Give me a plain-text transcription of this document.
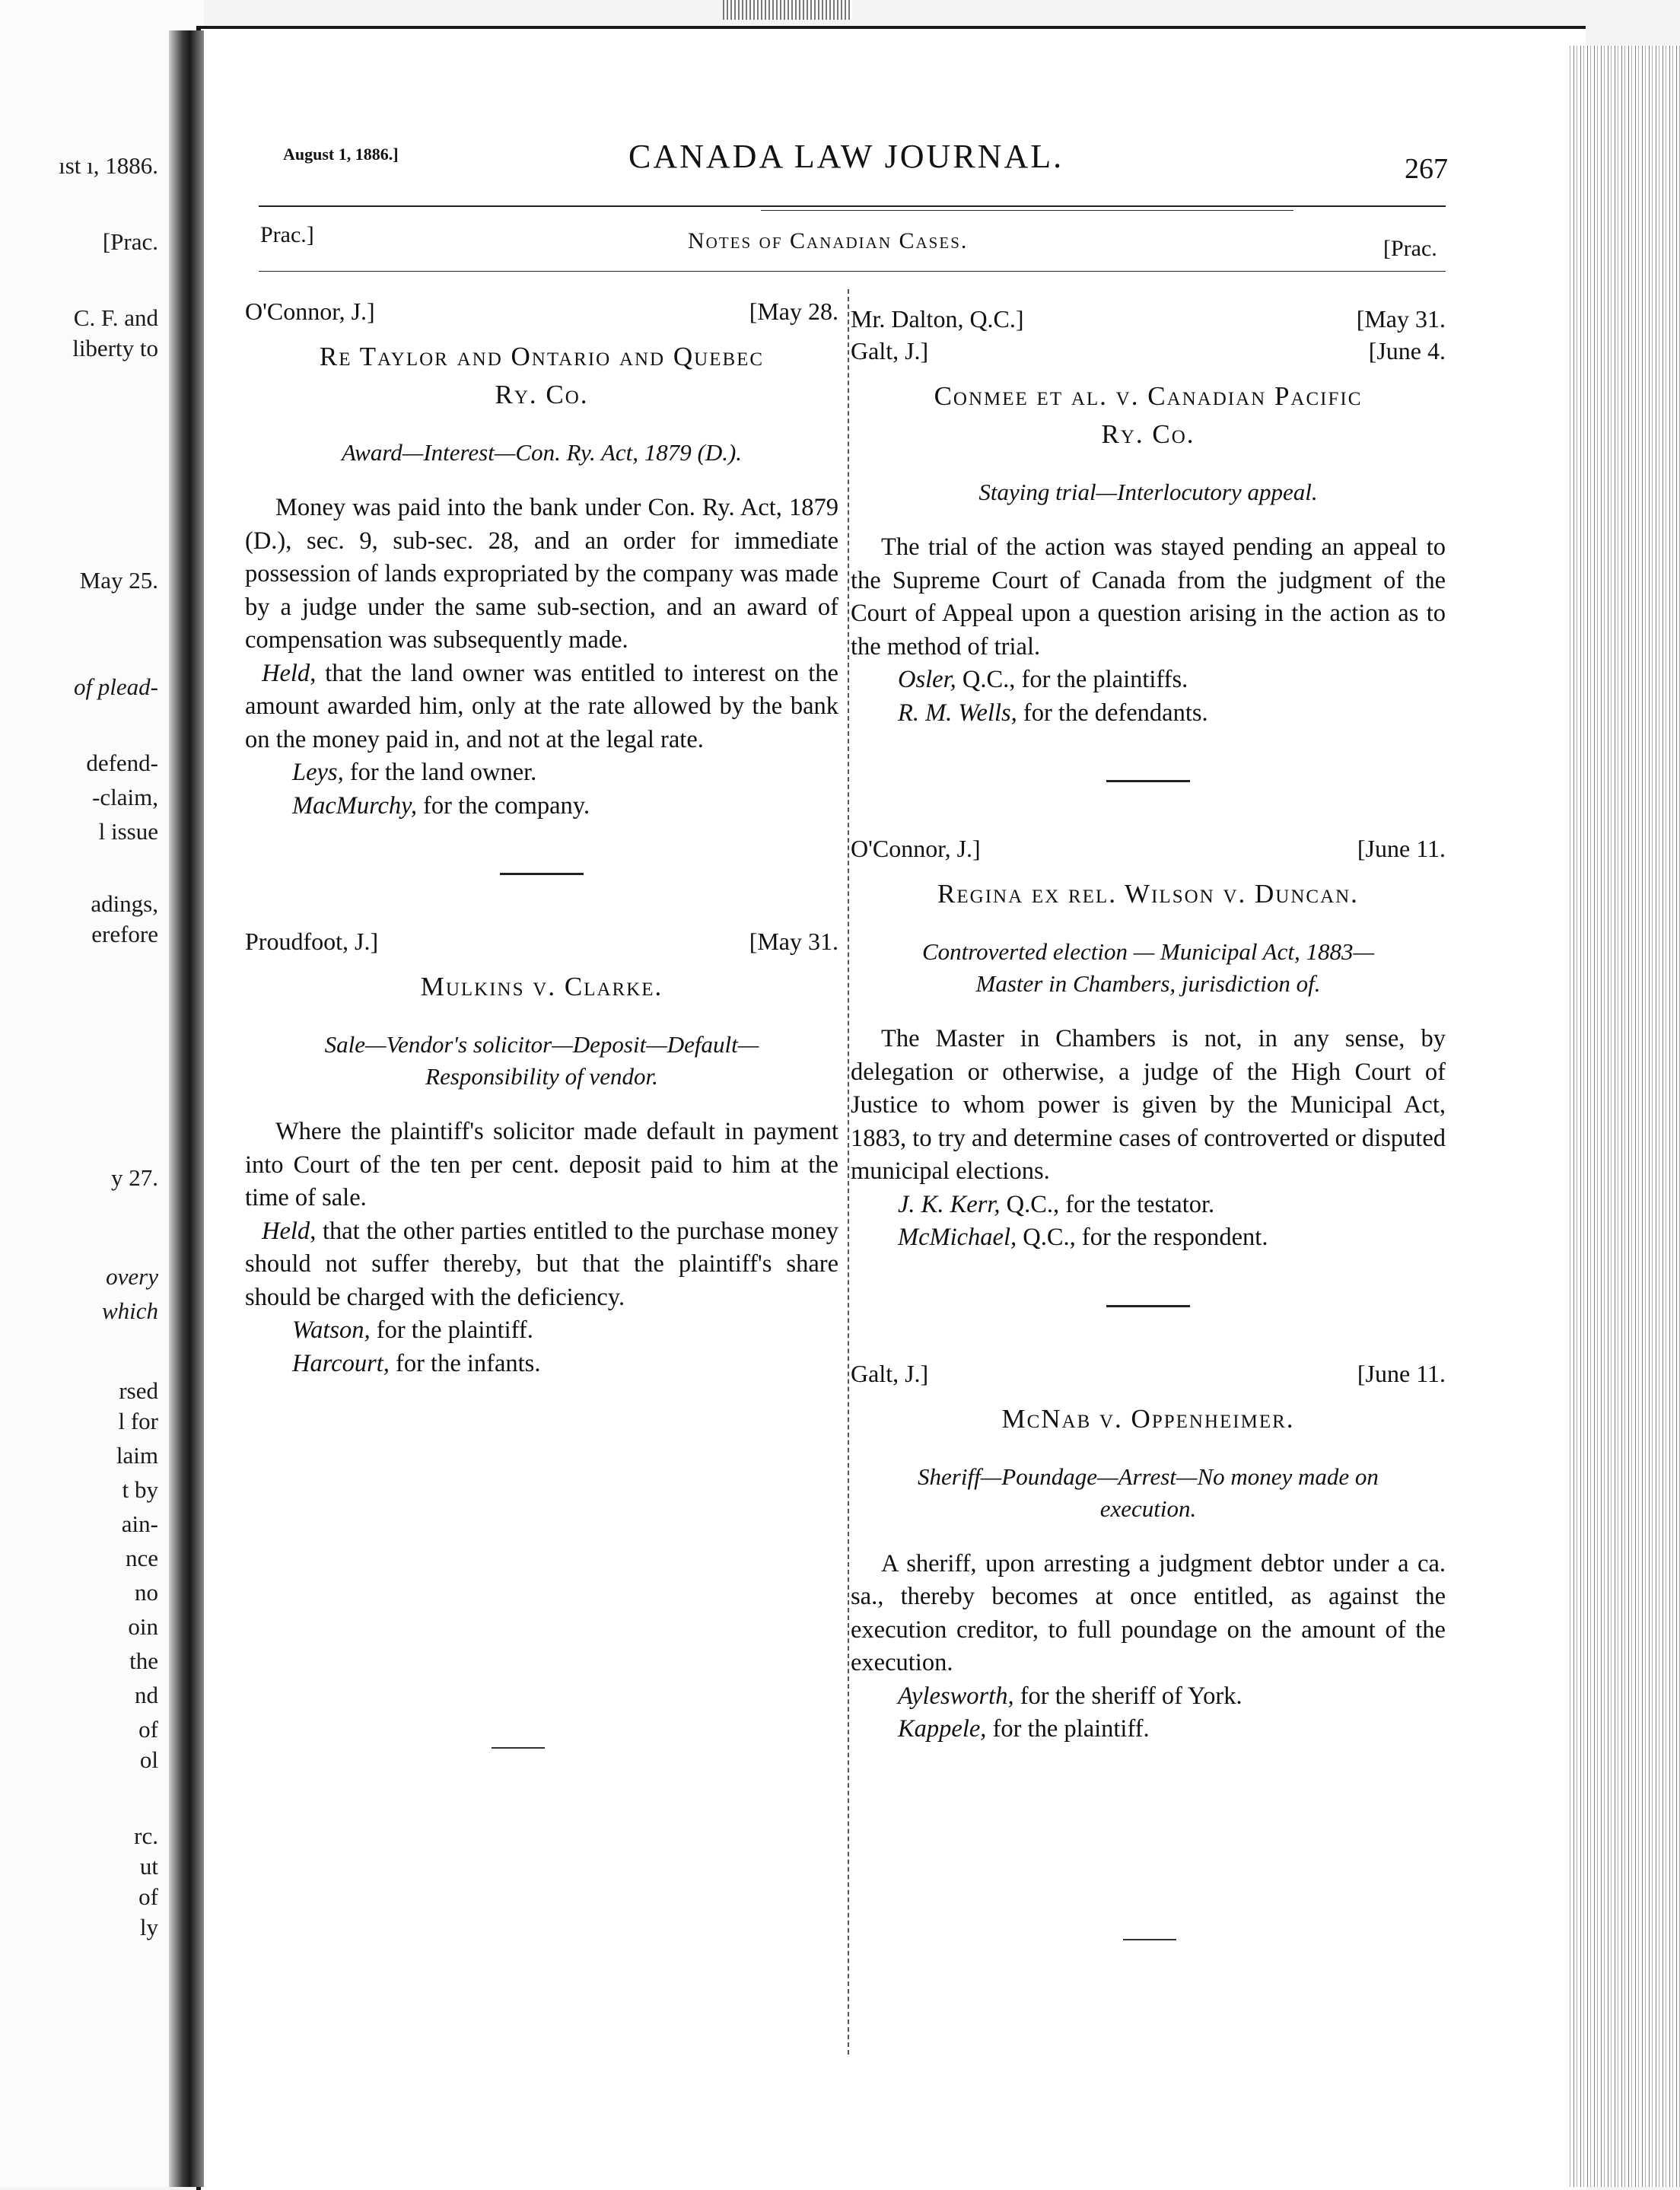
ıst ı, 1886.
[Prac.
C. F. and
liberty to
May 25.
of plead-
defend-
-claim,
l issue
adings,
erefore
y 27.
overy
which
rsed
l for
laim
t by
ain-
nce
no
oin
the
nd
of
ol
rc.
ut
of
ly
August 1, 1886.]	CANADA LAW JOURNAL.	267
Prac.]	Notes of Canadian Cases.	[Prac.
O'Connor, J.]	[May 28.
Re Taylor and Ontario and Quebec
Ry. Co.
Award—Interest—Con. Ry. Act, 1879 (D.).

Money was paid into the bank under Con. Ry. Act, 1879 (D.), sec. 9, sub-sec. 28, and an order for immediate possession of lands expropriated by the company was made by a judge under the same sub-section, and an award of compensation was subsequently made.

Held, that the land owner was entitled to interest on the amount awarded him, only at the rate allowed by the bank on the money paid in, and not at the legal rate.

Leys, for the land owner.

MacMurchy, for the company.

Proudfoot, J.]	[May 31.
Mulkins v. Clarke.
Sale—Vendor's solicitor—Deposit—Default—
Responsibility of vendor.

Where the plaintiff's solicitor made default in payment into Court of the ten per cent. deposit paid to him at the time of sale.

Held, that the other parties entitled to the purchase money should not suffer thereby, but that the plaintiff's share should be charged with the deficiency.

Watson, for the plaintiff.

Harcourt, for the infants.

Mr. Dalton, Q.C.]	[May 31.
Galt, J.]	[June 4.
Conmee et al. v. Canadian Pacific
Ry. Co.
Staying trial—Interlocutory appeal.

The trial of the action was stayed pending an appeal to the Supreme Court of Canada from the judgment of the Court of Appeal upon a question arising in the action as to the method of trial.

Osler, Q.C., for the plaintiffs.

R. M. Wells, for the defendants.

O'Connor, J.]	[June 11.
Regina ex rel. Wilson v. Duncan.
Controverted election — Municipal Act, 1883—
Master in Chambers, jurisdiction of.

The Master in Chambers is not, in any sense, by delegation or otherwise, a judge of the High Court of Justice to whom power is given by the Municipal Act, 1883, to try and determine cases of controverted or disputed municipal elections.

J. K. Kerr, Q.C., for the testator.

McMichael, Q.C., for the respondent.

Galt, J.]	[June 11.
McNab v. Oppenheimer.
Sheriff—Poundage—Arrest—No money made on
execution.

A sheriff, upon arresting a judgment debtor under a ca. sa., thereby becomes at once entitled, as against the execution creditor, to full poundage on the amount of the execution.

Aylesworth, for the sheriff of York.

Kappele, for the plaintiff.
